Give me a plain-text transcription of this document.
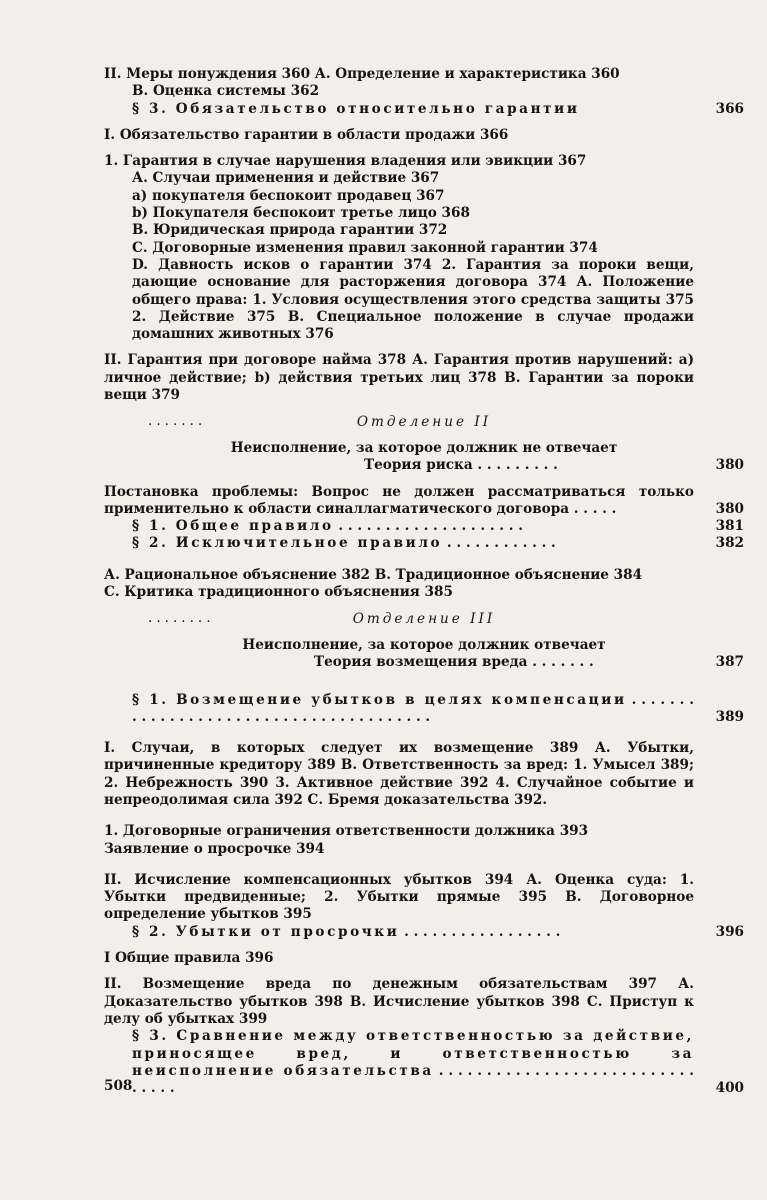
II. Меры понуждения 360 А. Определение и характеристика 360
В. Оценка системы 362
§ 3. Обязательство относительно гарантии	366
I. Обязательство гарантии в области продажи 366
1. Гарантия в случае нарушения владения или эвикции 367
А. Случаи применения и действие 367
a) покупателя беспокоит продавец 367
b) Покупателя беспокоит третье лицо 368
В. Юридическая природа гарантии 372
С. Договорные изменения правил законной гарантии 374
D. Давность исков о гарантии 374 2. Гарантия за пороки вещи, дающие основание для расторжения договора 374 А. Положение общего права: 1. Условия осуществления этого средства защиты 375 2. Действие 375 В. Специальное положение в случае продажи домашних животных 376
II. Гарантия при договоре найма 378 А. Гарантия против нарушений: а) личное действие; b) действия третьих лиц 378 В. Гарантии за пороки вещи 379
.......	Отделение II
Неисполнение, за которое должник не отвечает
Теория риска . . . . . . . . .	380
Постановка проблемы: Вопрос не должен рассматриваться только применительно к области синаллагматического договора . . . . .	380
§ 1. Общее правило . . . . . . . . . . . . . . . . . . . .	381
§ 2. Исключительное правило . . . . . . . . . . . .	382
А. Рациональное объяснение 382 В. Традиционное объяснение 384
С. Критика традиционного объяснения 385
........	Отделение III
Неисполнение, за которое должник отвечает
Теория возмещения вреда . . . . . . .	387
§ 1. Возмещение убытков в целях компенсации . . . . . . . . . . . . . . . . . . . . . . . . . . . . . . . . . . . . . . .	389
I. Случаи, в которых следует их возмещение 389 А. Убытки, причиненные кредитору 389 В. Ответственность за вред: 1. Умысел 389; 2. Небрежность 390 3. Активное действие 392 4. Случайное событие и непреодолимая сила 392 С. Бремя доказательства 392.
1. Договорные ограничения ответственности должника 393
Заявление о просрочке 394
II. Исчисление компенсационных убытков 394 А. Оценка суда: 1. Убытки предвиденные; 2. Убытки прямые 395 В. Договорное определение убытков 395
§ 2. Убытки от просрочки . . . . . . . . . . . . . . . . .	396
I Общие правила 396
II. Возмещение вреда по денежным обязательствам 397 А. Доказательство убытков 398 В. Исчисление убытков 398 С. Приступ к делу об убытках 399
§ 3. Сравнение между ответственностью за действие, приносящее вред, и ответственностью за неисполнение обязательства . . . . . . . . . . . . . . . . . . . . . . . . . . . . . . . .	400
508
